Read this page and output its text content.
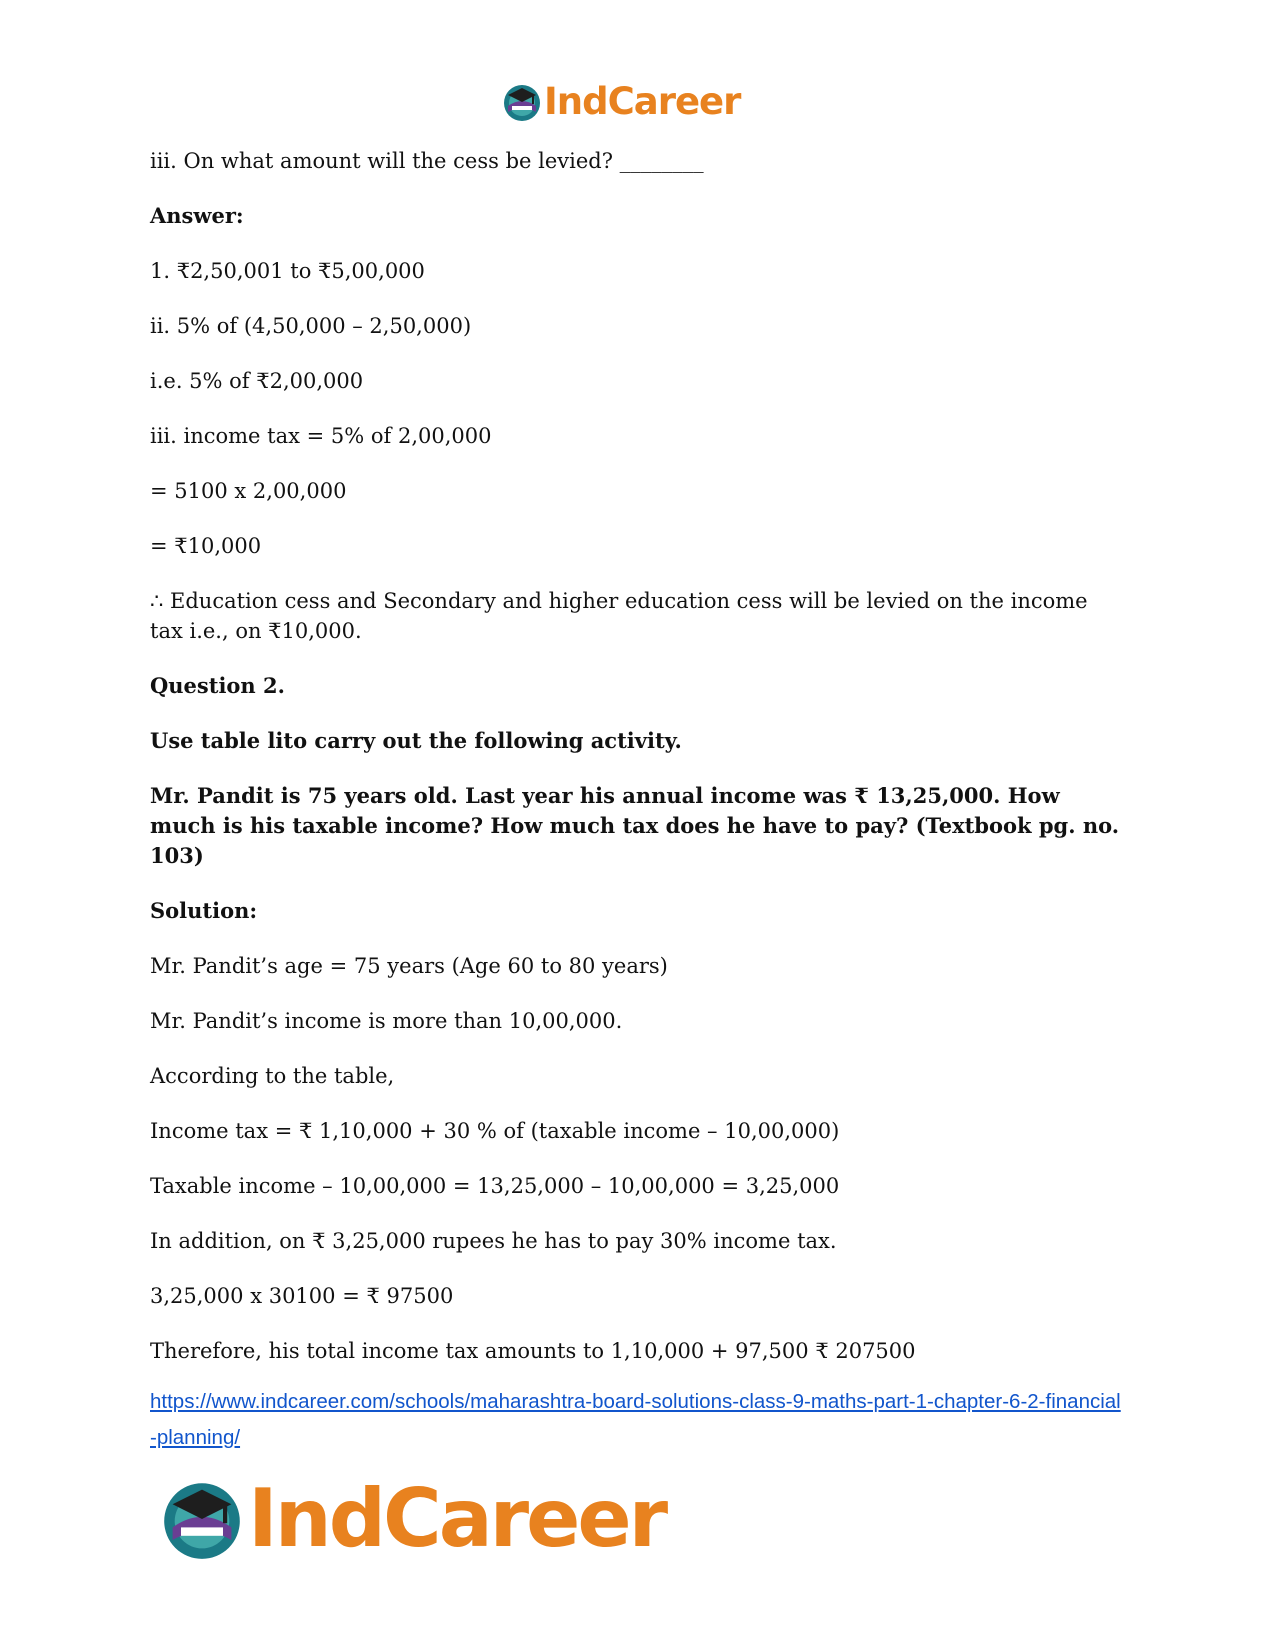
IndCareer

iii. On what amount will the cess be levied? ________

Answer:

1. ₹2,50,001 to ₹5,00,000

ii. 5% of (4,50,000 – 2,50,000)

i.e. 5% of ₹2,00,000

iii. income tax = 5% of 2,00,000

= 5100 x 2,00,000

= ₹10,000

∴ Education cess and Secondary and higher education cess will be levied on the income tax i.e., on ₹10,000.

Question 2.

Use table lito carry out the following activity.

Mr. Pandit is 75 years old. Last year his annual income was ₹ 13,25,000. How much is his taxable income? How much tax does he have to pay? (Textbook pg. no. 103)

Solution:

Mr. Pandit’s age = 75 years (Age 60 to 80 years)

Mr. Pandit’s income is more than 10,00,000.

According to the table,

Income tax = ₹ 1,10,000 + 30 % of (taxable income – 10,00,000)

Taxable income – 10,00,000 = 13,25,000 – 10,00,000 = 3,25,000

In addition, on ₹ 3,25,000 rupees he has to pay 30% income tax.

3,25,000 x 30100 = ₹ 97500

Therefore, his total income tax amounts to 1,10,000 + 97,500 ₹ 207500

https://www.indcareer.com/schools/maharashtra-board-solutions-class-9-maths-part-1-chapter-6-2-financial-planning/
IndCareer
